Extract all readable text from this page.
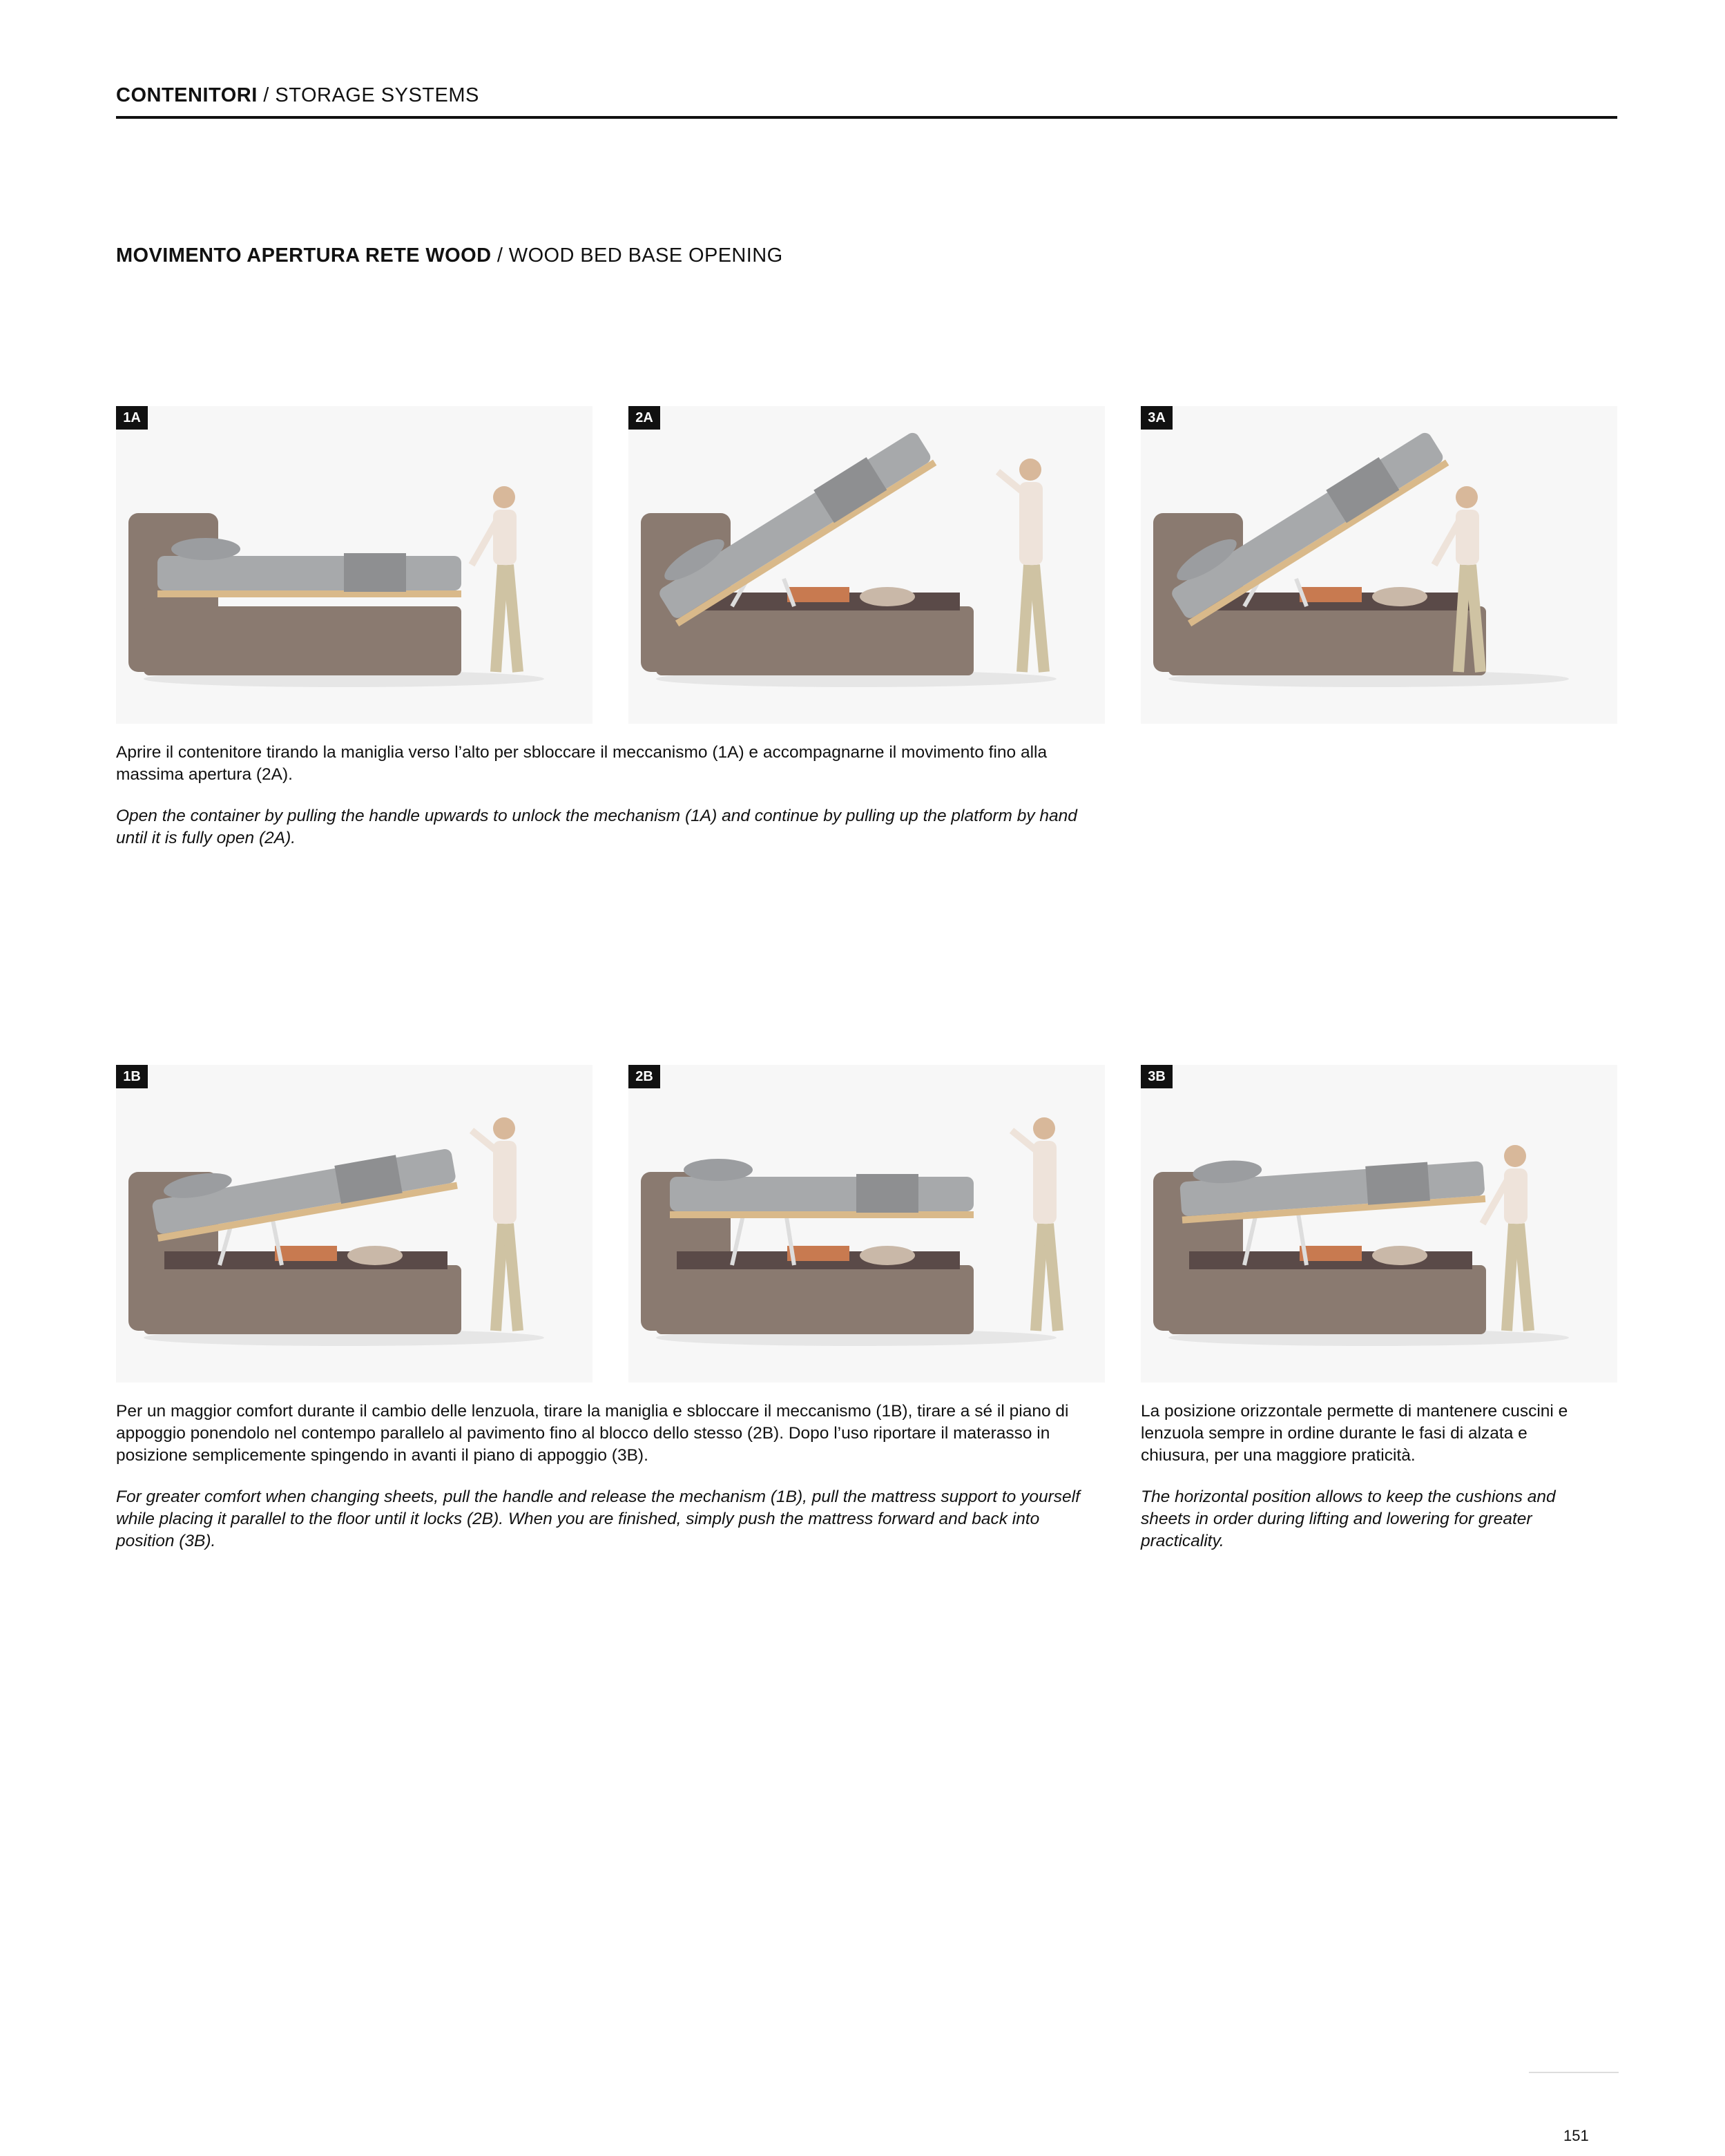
CONTENITORI / STORAGE SYSTEMS
MOVIMENTO APERTURA RETE WOOD / WOOD BED BASE OPENING
1A	2A	3A
Aprire il contenitore tirando la maniglia verso l’alto per sbloccare il meccanismo (1A) e accompagnarne il movimento fino alla massima apertura (2A).
Open the container by pulling the handle upwards to unlock the mechanism (1A) and continue by pulling up the platform by hand until it is fully open (2A).
1B	2B	3B
Per un maggior comfort durante il cambio delle lenzuola, tirare la maniglia e sbloccare il meccanismo (1B), tirare a sé il piano di appoggio ponendolo nel contempo parallelo al pavimento fino al blocco dello stesso (2B). Dopo l’uso riportare il materasso in posizione semplicemente spingendo in avanti il piano di appoggio (3B).
For greater comfort when changing sheets, pull the handle and release the mechanism (1B), pull the mattress support to yourself while placing it parallel to the floor until it locks (2B). When you are finished, simply push the mattress forward and back into position (3B).
La posizione orizzontale permette di mantenere cuscini e lenzuola sempre in ordine durante le fasi di alzata e chiusura, per una maggiore praticità.
The horizontal position allows to keep the cushions and sheets in order during lifting and lowering for greater practicality.
151
